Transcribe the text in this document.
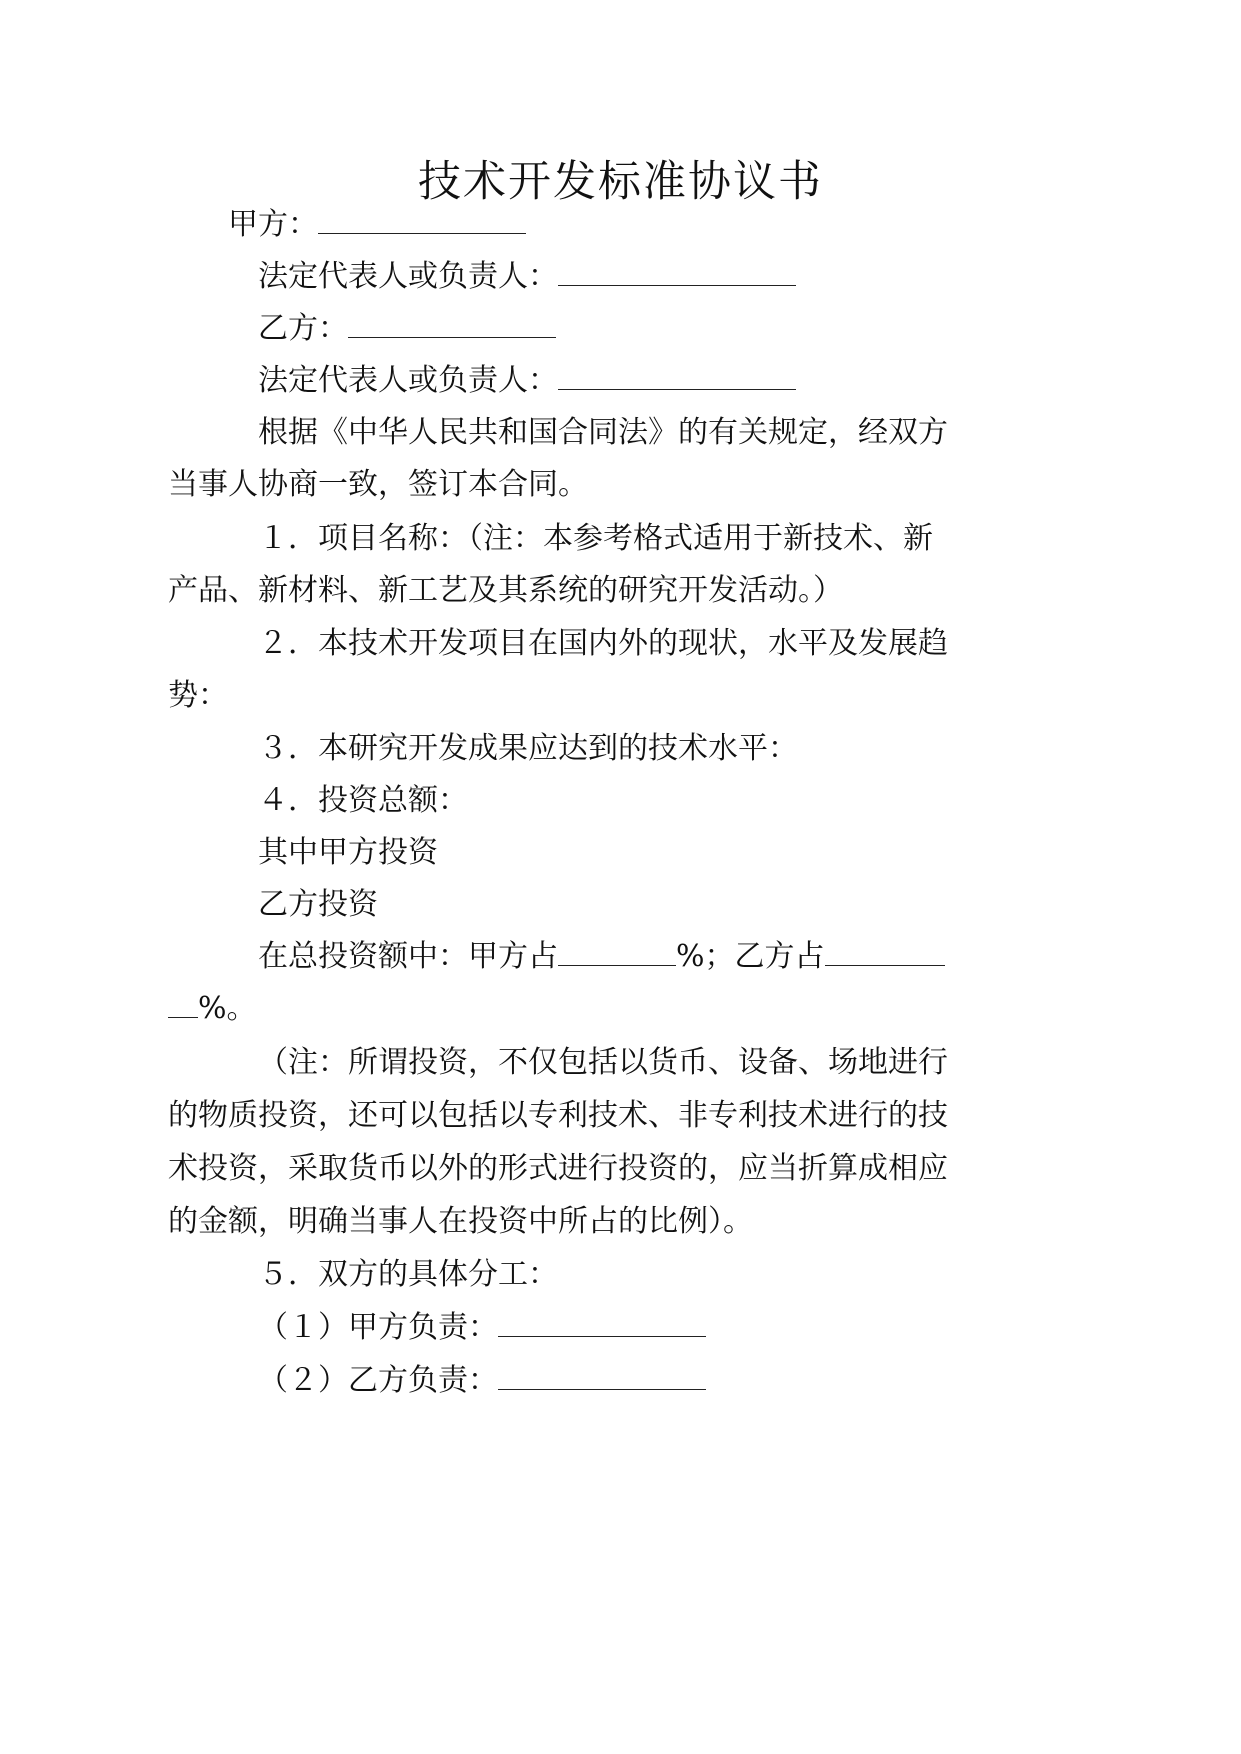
技术开发标准协议书
甲方：
法定代表人或负责人：
乙方：
法定代表人或负责人：
根据《中华人民共和国合同法》的有关规定，经双方
当事人协商一致，签订本合同。
１．项目名称：（注：本参考格式适用于新技术、新
产品、新材料、新工艺及其系统的研究开发活动。）
２．本技术开发项目在国内外的现状，水平及发展趋
势：
３．本研究开发成果应达到的技术水平：
４．投资总额：
其中甲方投资
乙方投资
在总投资额中：甲方占	%；乙方占
%。
（注：所谓投资，不仅包括以货币、设备、场地进行
的物质投资，还可以包括以专利技术、非专利技术进行的技
术投资，采取货币以外的形式进行投资的，应当折算成相应
的金额，明确当事人在投资中所占的比例）。
５．双方的具体分工：
（１）甲方负责：
（２）乙方负责：
